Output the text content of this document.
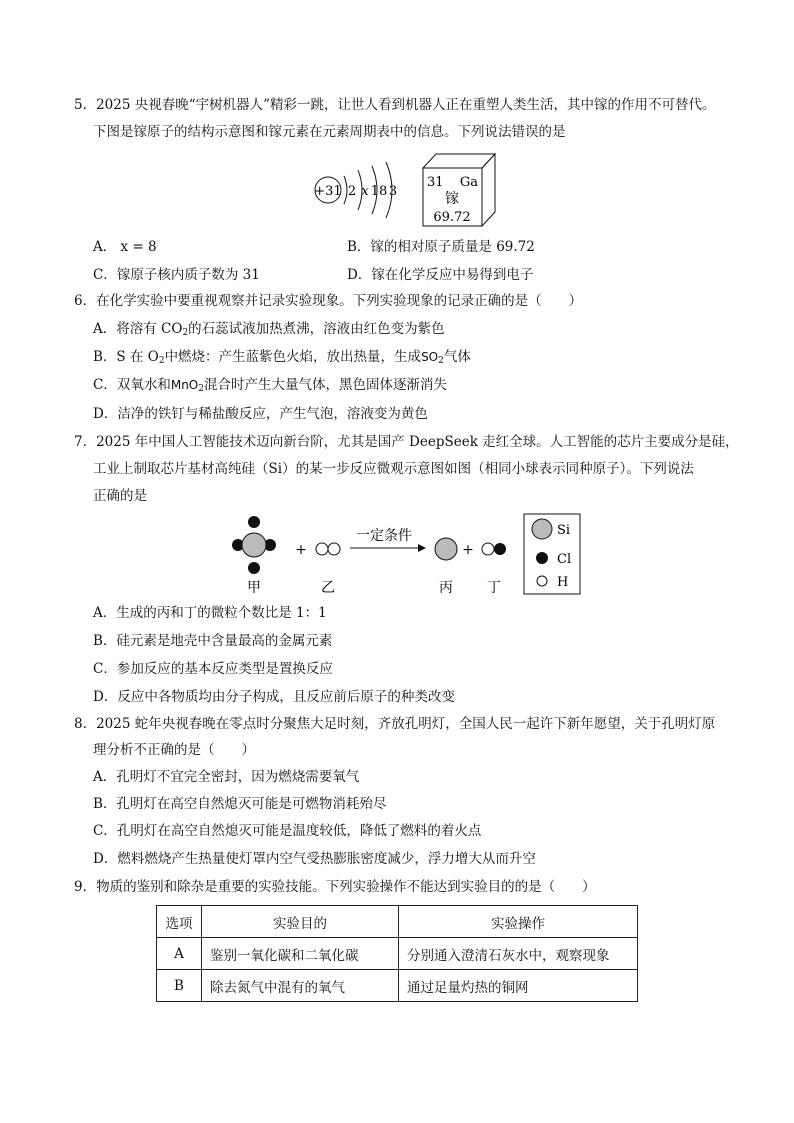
5．2025 央视春晚“宇树机器人”精彩一跳，让世人看到机器人正在重塑人类生活，其中镓的作用不可替代。
下图是镓原子的结构示意图和镓元素在元素周期表中的信息。下列说法错误的是
+31 2 x 18 3
31 Ga
镓
69.72
A． x = 8	B．镓的相对原子质量是 69.72
C．镓原子核内质子数为 31	D．镓在化学反应中易得到电子
6．在化学实验中要重视观察并记录实验现象。下列实验现象的记录正确的是（　　）
A．将溶有 $CO_2$的石蕊试液加热煮沸，溶液由红色变为紫色
B．S 在 $O_2$中燃烧：产生蓝紫色火焰，放出热量，生成$SO_2$气体
C．双氧水和MnO$_2$混合时产生大量气体，黑色固体逐渐消失
D．洁净的铁钉与稀盐酸反应，产生气泡，溶液变为黄色
7．2025 年中国人工智能技术迈向新台阶，尤其是国产 DeepSeek 走红全球。人工智能的芯片主要成分是硅，
工业上制取芯片基材高纯硅（Si）的某一步反应微观示意图如图（相同小球表示同种原子）。下列说法
正确的是
+
一定条件
+
甲	乙	丙 丁
Si
Cl
H
A．生成的丙和丁的微粒个数比是 1：1
B．硅元素是地壳中含量最高的金属元素
C．参加反应的基本反应类型是置换反应
D．反应中各物质均由分子构成，且反应前后原子的种类改变
8．2025 蛇年央视春晚在零点时分聚焦大足时刻，齐放孔明灯，全国人民一起许下新年愿望，关于孔明灯原
理分析不正确的是（　　）
A．孔明灯不宜完全密封，因为燃烧需要氧气
B．孔明灯在高空自然熄灭可能是可燃物消耗殆尽
C．孔明灯在高空自然熄灭可能是温度较低，降低了燃料的着火点
D．燃料燃烧产生热量使灯罩内空气受热膨胀密度减少，浮力增大从而升空
9．物质的鉴别和除杂是重要的实验技能。下列实验操作不能达到实验目的的是（　　）
选项	实验目的	实验操作
A	鉴别一氧化碳和二氧化碳	分别通入澄清石灰水中，观察现象
B	除去氮气中混有的氧气	通过足量灼热的铜网
